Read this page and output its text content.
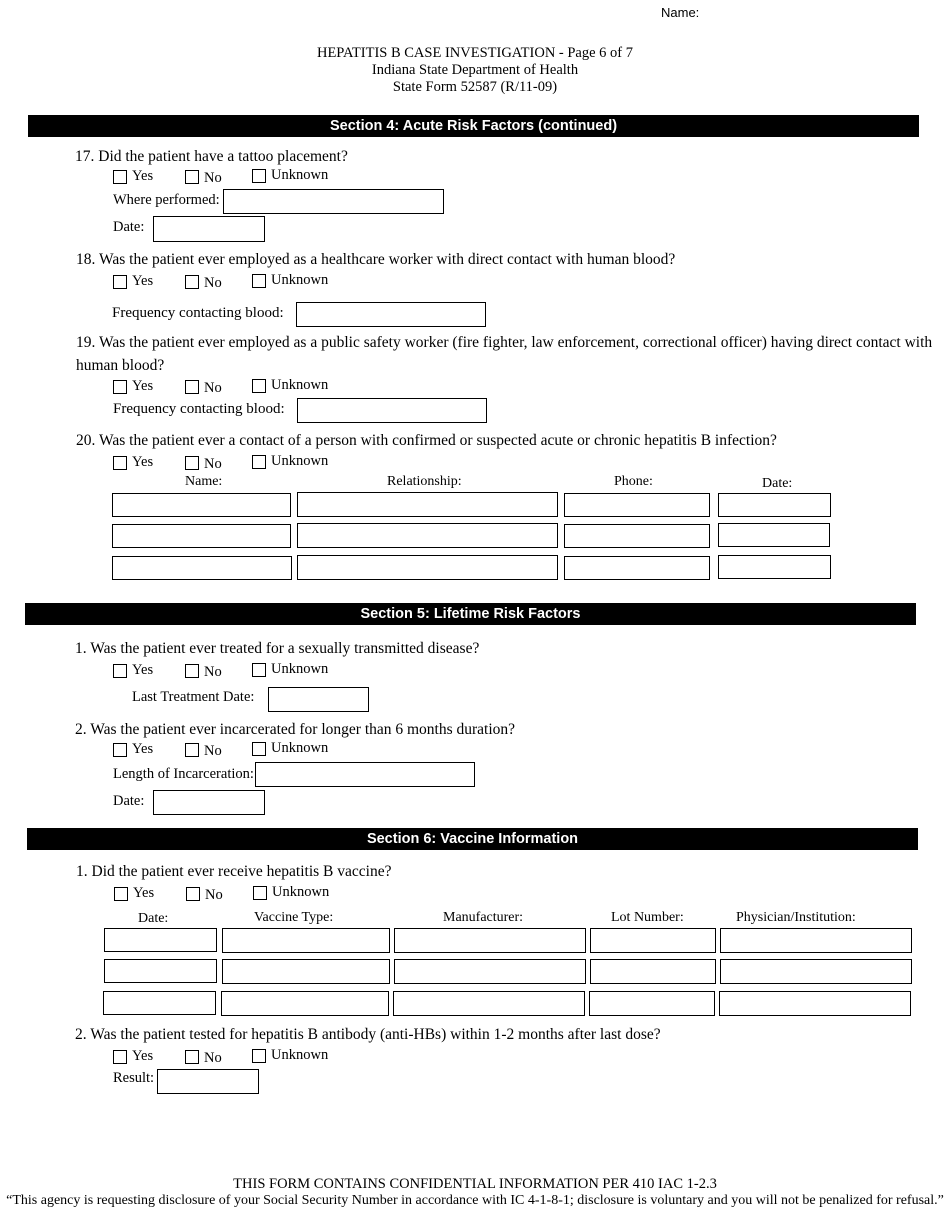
Name:
HEPATITIS B CASE INVESTIGATION - Page 6 of 7
Indiana State Department of Health
State Form 52587 (R/11-09)
Section 4: Acute Risk Factors (continued)
17. Did the patient have a tattoo placement?
Yes	No	Unknown
Where performed:
Date:
18. Was the patient ever employed as a healthcare worker with direct contact with human blood?
Yes	No	Unknown
Frequency contacting blood:
19. Was the patient ever employed as a public safety worker (fire fighter, law enforcement, correctional officer) having direct contact with
human blood?
Yes	No	Unknown
Frequency contacting blood:
20. Was the patient ever a contact of a person with confirmed or suspected acute or chronic hepatitis B infection?
Yes	No	Unknown
Name:	Relationship:	Phone:	Date:
Section 5: Lifetime Risk Factors
1. Was the patient ever treated for a sexually transmitted disease?
Yes	No	Unknown
Last Treatment Date:
2. Was the patient ever incarcerated for longer than 6 months duration?
Yes	No	Unknown
Length of Incarceration:
Date:
Section 6: Vaccine Information
1. Did the patient ever receive hepatitis B vaccine?
Yes	No	Unknown
Date:	Vaccine Type:	Manufacturer:	Lot Number:	Physician/Institution:
2. Was the patient tested for hepatitis B antibody (anti-HBs) within 1-2 months after last dose?
Yes	No	Unknown
Result:
THIS FORM CONTAINS CONFIDENTIAL INFORMATION PER 410 IAC 1-2.3
“This agency is requesting disclosure of your Social Security Number in accordance with IC 4-1-8-1; disclosure is voluntary and you will not be penalized for refusal.”
